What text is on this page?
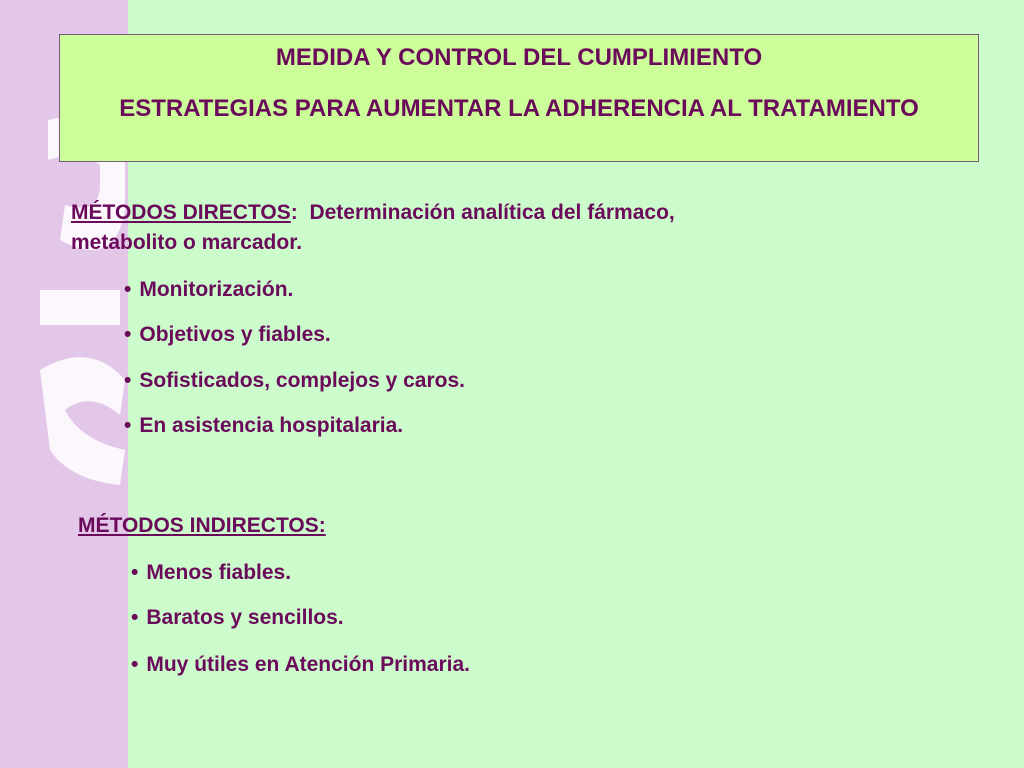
MEDIDA Y CONTROL DEL CUMPLIMIENTO
ESTRATEGIAS PARA AUMENTAR LA ADHERENCIA AL TRATAMIENTO
MÉTODOS DIRECTOS: Determinación analítica del fármaco,
metabolito o marcador.
• Monitorización.
• Objetivos y fiables.
• Sofisticados, complejos y caros.
• En asistencia hospitalaria.
MÉTODOS INDIRECTOS:
• Menos fiables.
• Baratos y sencillos.
• Muy útiles en Atención Primaria.
